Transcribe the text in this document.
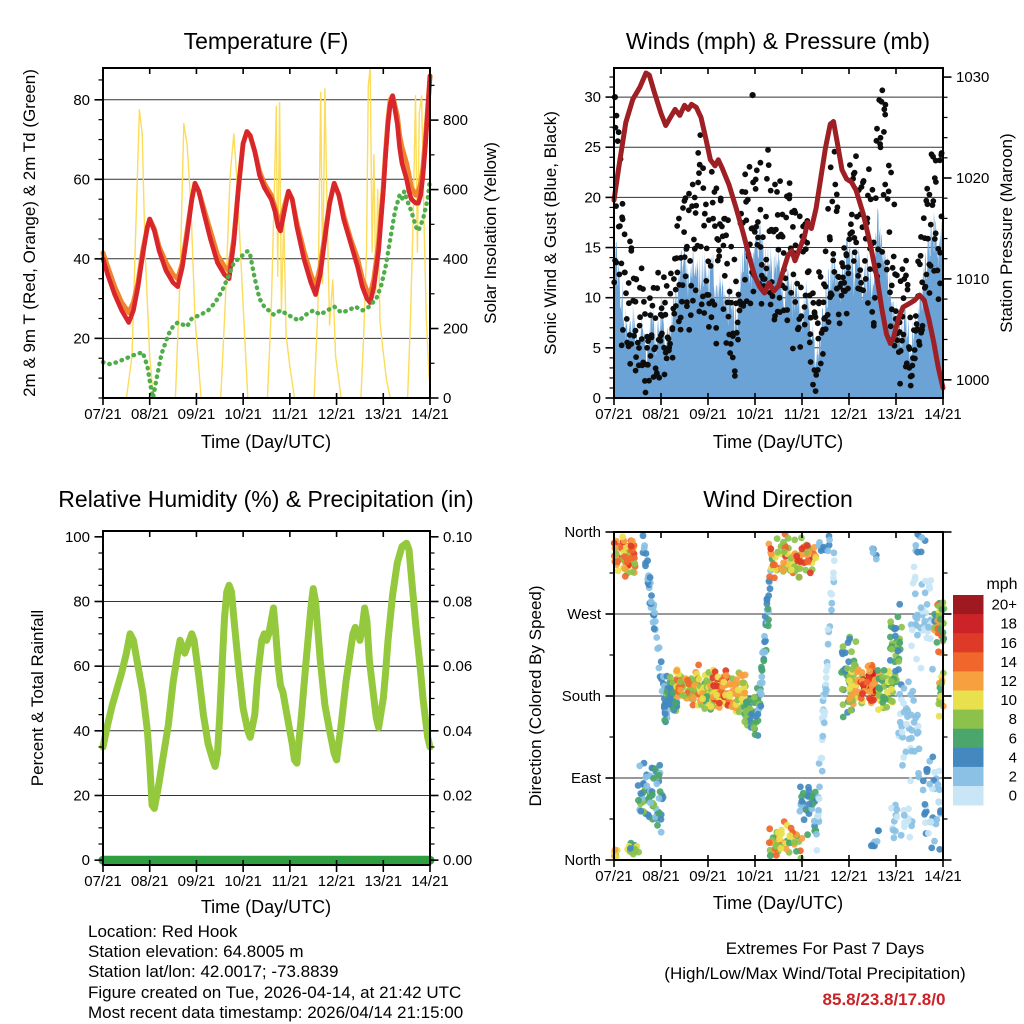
20
40
60
80
0
200
400
600
800
07/21 08/21 09/21 10/21 11/21 12/21 13/21 14/21
0
5
10
15
20
25
30
1000
1010
1020
1030
07/21 08/21 09/21 10/21 11/21 12/21 13/21 14/21
0
20
40
60
80
100
0.00
0.02
0.04
0.06
0.08
0.10
07/21 08/21 09/21 10/21 11/21 12/21 13/21 14/21
North
West
South
East
North
07/21 08/21 09/21 10/21 11/21 12/21 13/21 14/21
mph
20+
18
16
14
12
10
8
6
4
2
0
Temperature (F)	Winds (mph) & Pressure (mb)
Relative Humidity (%) & Precipitation (in)	Wind Direction
Time (Day/UTC)	Time (Day/UTC)
Time (Day/UTC)	Time (Day/UTC)
2m & 9m T (Red, Orange) & 2m Td (Green)	Solar Insolation (Yellow) Sonic Wind & Gust (Blue, Black)	Station Pressure (Maroon)
Percent & Total Rainfall	Direction (Colored By Speed)
Location: Red Hook
Station elevation: 64.8005 m
Station lat/lon: 42.0017; -73.8839
Figure created on Tue, 2026-04-14, at 21:42 UTC
Most recent data timestamp: 2026/04/14 21:15:00
Extremes For Past 7 Days
(High/Low/Max Wind/Total Precipitation)
85.8/23.8/17.8/0
